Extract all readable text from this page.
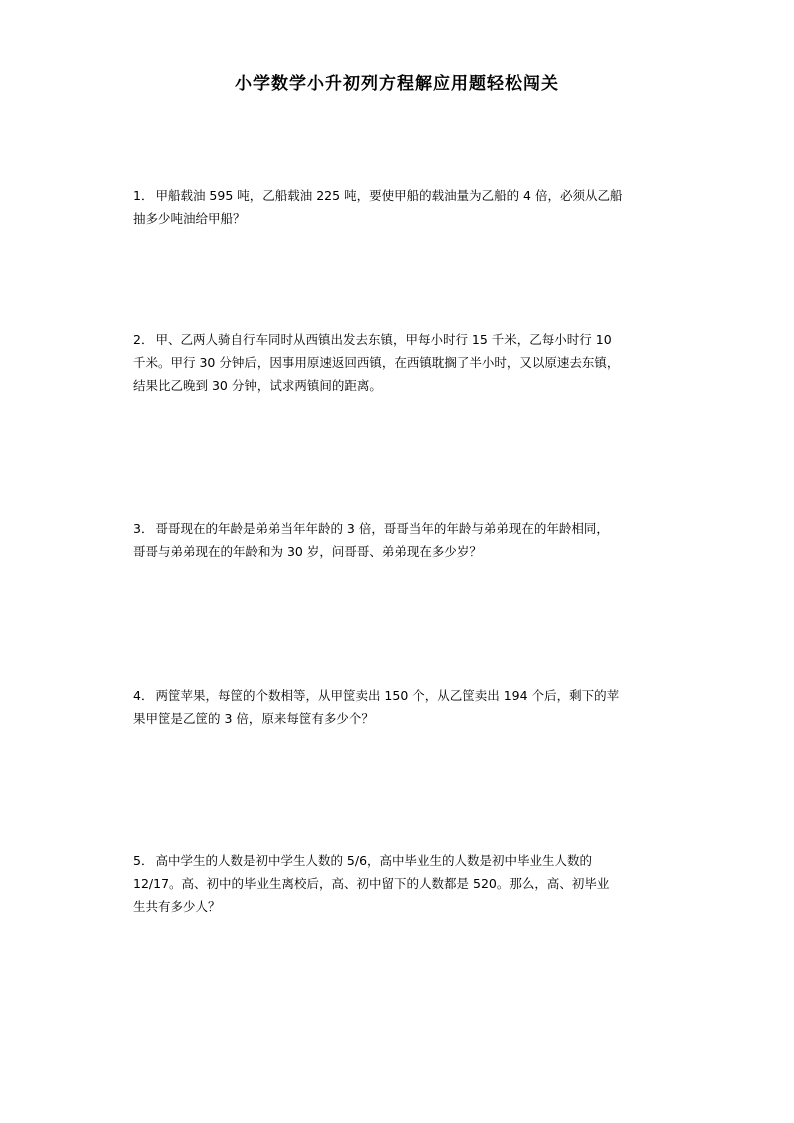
小学数学小升初列方程解应用题轻松闯关
1． 甲船载油 595 吨，乙船载油 225 吨，要使甲船的载油量为乙船的 4 倍，必须从乙船
抽多少吨油给甲船？
2． 甲、乙两人骑自行车同时从西镇出发去东镇，甲每小时行 15 千米，乙每小时行 10
千米。甲行 30 分钟后，因事用原速返回西镇，在西镇耽搁了半小时，又以原速去东镇，
结果比乙晚到 30 分钟，试求两镇间的距离。
3． 哥哥现在的年龄是弟弟当年年龄的 3 倍，哥哥当年的年龄与弟弟现在的年龄相同，
哥哥与弟弟现在的年龄和为 30 岁，问哥哥、弟弟现在多少岁？
4． 两筐苹果，每筐的个数相等，从甲筐卖出 150 个，从乙筐卖出 194 个后，剩下的苹
果甲筐是乙筐的 3 倍，原来每筐有多少个？
5． 高中学生的人数是初中学生人数的 5/6，高中毕业生的人数是初中毕业生人数的
12/17。高、初中的毕业生离校后，高、初中留下的人数都是 520。那么，高、初毕业
生共有多少人？
